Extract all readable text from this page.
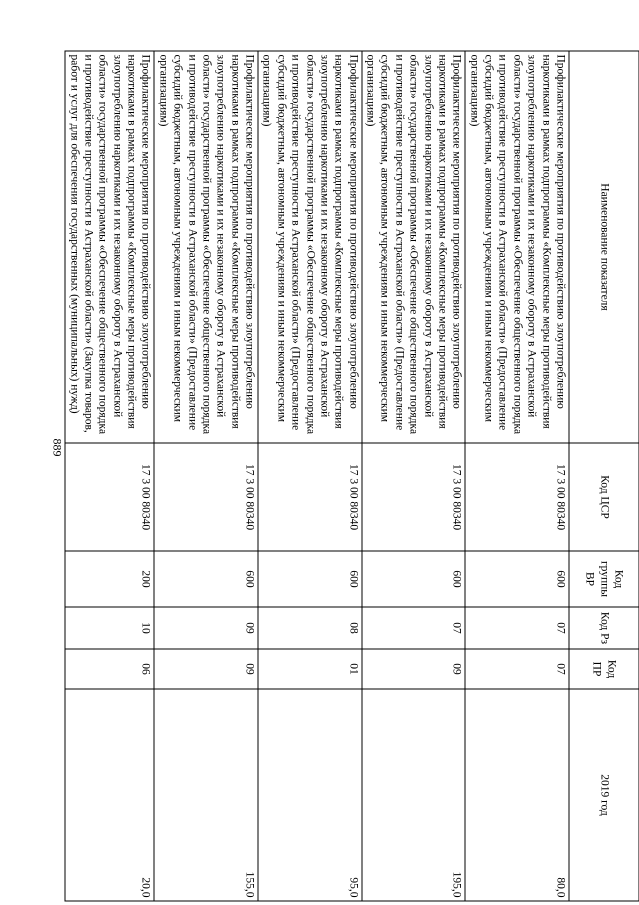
889
Наименование показателя	Код ЦСР	Код группы ВР	Код Рз	Код ПР	2019 год
Профилактические мероприятия по противодействию злоупотреблению наркотиками в рамках подпрограммы «Комплексные меры противодействия злоупотреблению наркотиками и их незаконному обороту в Астраханской области» государственной программы «Обеспечение общественного порядка и противодействие преступности в Астраханской области» (Предоставление субсидий бюджетным, автономным учреждениям и иным некоммерческим организациям)	17 3 00 80340	600	07	07	80,0
Профилактические мероприятия по противодействию злоупотреблению наркотиками в рамках подпрограммы «Комплексные меры противодействия злоупотреблению наркотиками и их незаконному обороту в Астраханской области» государственной программы «Обеспечение общественного порядка и противодействие преступности в Астраханской области» (Предоставление субсидий бюджетным, автономным учреждениям и иным некоммерческим организациям)	17 3 00 80340	600	07	09	195,0
Профилактические мероприятия по противодействию злоупотреблению наркотиками в рамках подпрограммы «Комплексные меры противодействия злоупотреблению наркотиками и их незаконному обороту в Астраханской области» государственной программы «Обеспечение общественного порядка и противодействие преступности в Астраханской области» (Предоставление субсидий бюджетным, автономным учреждениям и иным некоммерческим организациям)	17 3 00 80340	600	08	01	95,0
Профилактические мероприятия по противодействию злоупотреблению наркотиками в рамках подпрограммы «Комплексные меры противодействия злоупотреблению наркотиками и их незаконному обороту в Астраханской области» государственной программы «Обеспечение общественного порядка и противодействие преступности в Астраханской области» (Предоставление субсидий бюджетным, автономным учреждениям и иным некоммерческим организациям)	17 3 00 80340	600	09	09	155,0
Профилактические мероприятия по противодействию злоупотреблению наркотиками в рамках подпрограммы «Комплексные меры противодействия злоупотреблению наркотиками и их незаконному обороту в Астраханской области» государственной программы «Обеспечение общественного порядка и противодействие преступности в Астраханской области» (Закупка товаров, работ и услуг для обеспечения государственных (муниципальных) нужд)	17 3 00 80340	200	10	06	20,0
